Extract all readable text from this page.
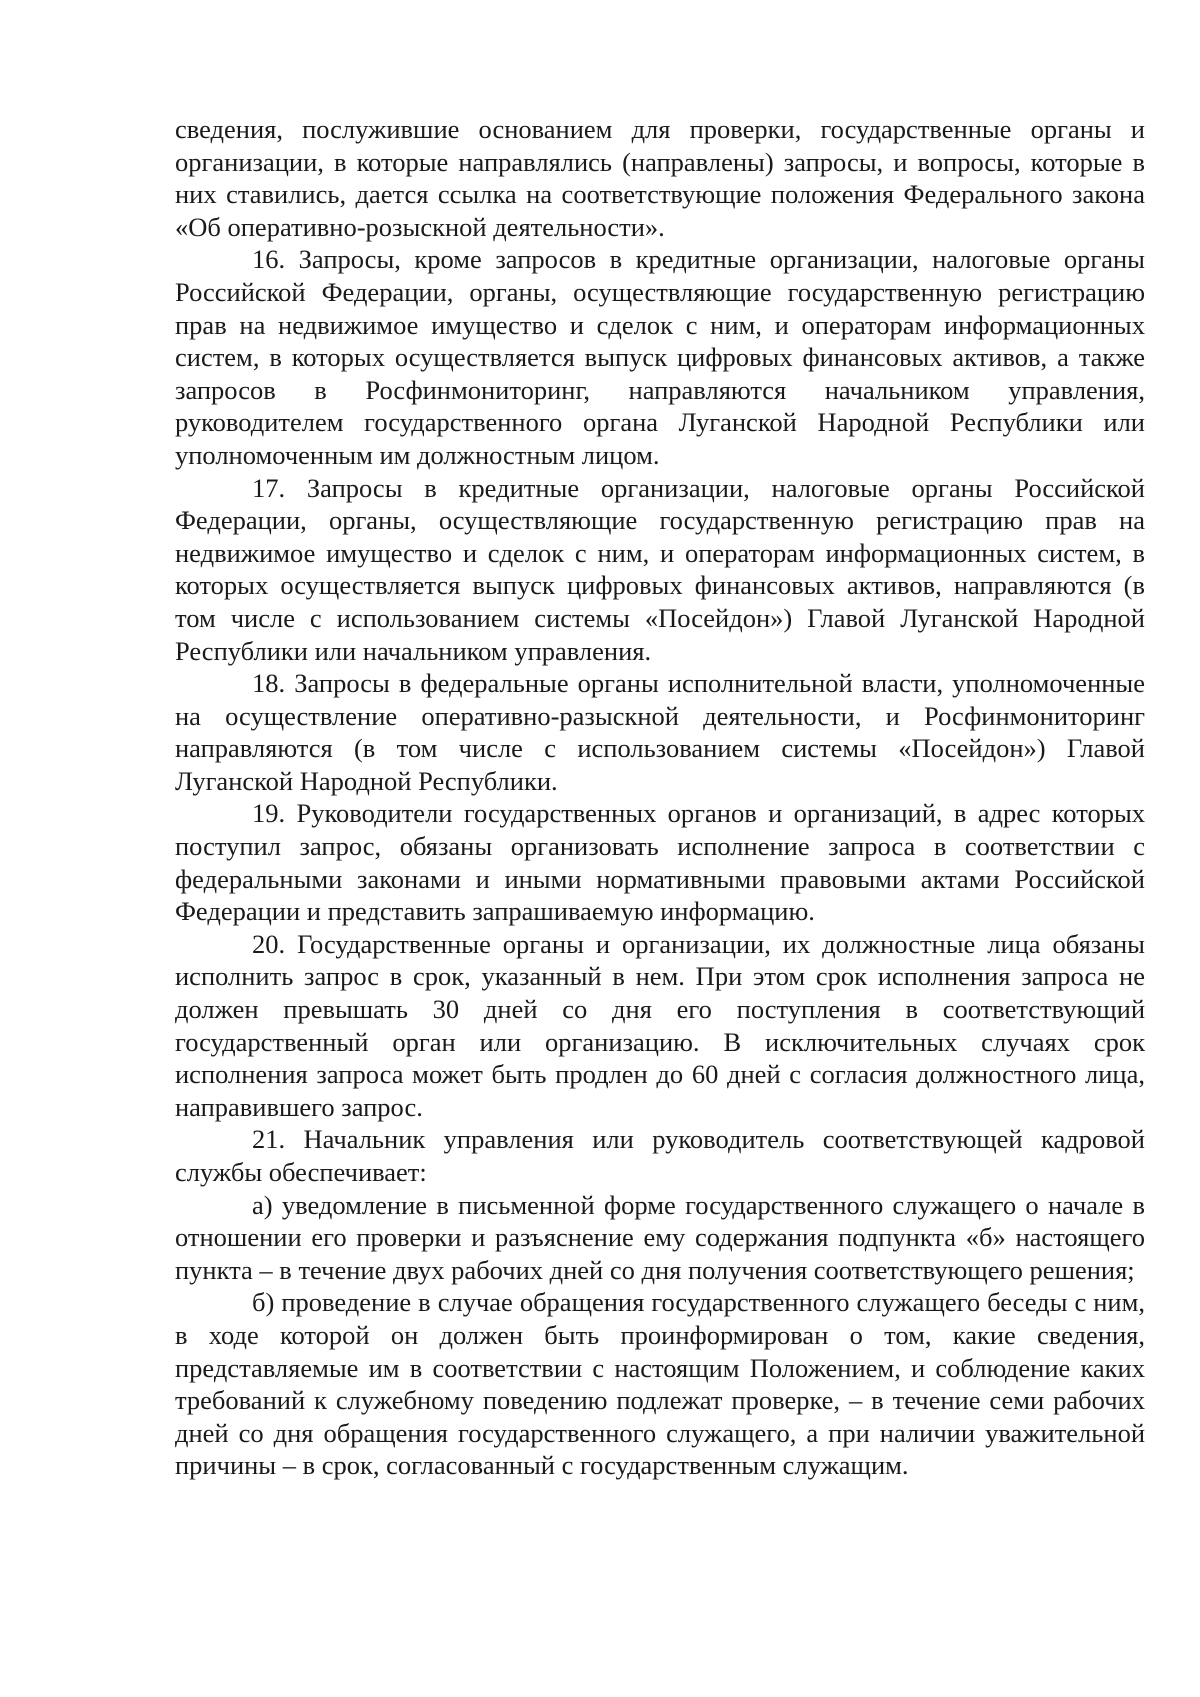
сведения, послужившие основанием для проверки, государственные органы и организации, в которые направлялись (направлены) запросы, и вопросы, которые в них ставились, дается ссылка на соответствующие положения Федерального закона «Об оперативно-розыскной деятельности».

16. Запросы, кроме запросов в кредитные организации, налоговые органы Российской Федерации, органы, осуществляющие государственную регистрацию прав на недвижимое имущество и сделок с ним, и операторам информационных систем, в которых осуществляется выпуск цифровых финансовых активов, а также запросов в Росфинмониторинг, направляются начальником управления, руководителем государственного органа Луганской Народной Республики или уполномоченным им должностным лицом.

17. Запросы в кредитные организации, налоговые органы Российской Федерации, органы, осуществляющие государственную регистрацию прав на недвижимое имущество и сделок с ним, и операторам информационных систем, в которых осуществляется выпуск цифровых финансовых активов, направляются (в том числе с использованием системы «Посейдон») Главой Луганской Народной Республики или начальником управления.

18. Запросы в федеральные органы исполнительной власти, уполномоченные на осуществление оперативно-разыскной деятельности, и Росфинмониторинг направляются (в том числе с использованием системы «Посейдон») Главой Луганской Народной Республики.

19. Руководители государственных органов и организаций, в адрес которых поступил запрос, обязаны организовать исполнение запроса в соответствии с федеральными законами и иными нормативными правовыми актами Российской Федерации и представить запрашиваемую информацию.

20. Государственные органы и организации, их должностные лица обязаны исполнить запрос в срок, указанный в нем. При этом срок исполнения запроса не должен превышать 30 дней со дня его поступления в соответствующий государственный орган или организацию. В исключительных случаях срок исполнения запроса может быть продлен до 60 дней с согласия должностного лица, направившего запрос.

21. Начальник управления или руководитель соответствующей кадровой службы обеспечивает:

а) уведомление в письменной форме государственного служащего о начале в отношении его проверки и разъяснение ему содержания подпункта «б» настоящего пункта – в течение двух рабочих дней со дня получения соответствующего решения;

б) проведение в случае обращения государственного служащего беседы с ним, в ходе которой он должен быть проинформирован о том, какие сведения, представляемые им в соответствии с настоящим Положением, и соблюдение каких требований к служебному поведению подлежат проверке, – в течение семи рабочих дней со дня обращения государственного служащего, а при наличии уважительной причины – в срок, согласованный с государственным служащим.
